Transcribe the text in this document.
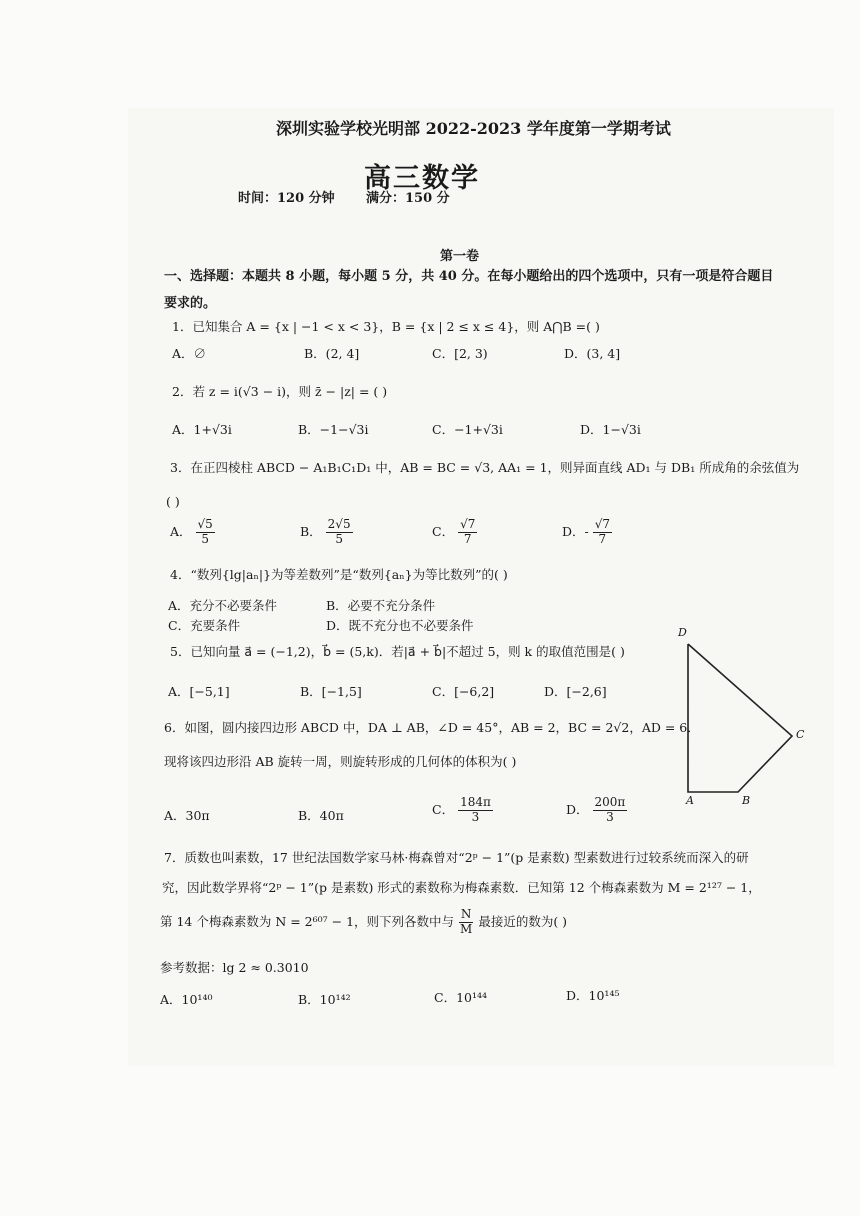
深圳实验学校光明部 2022-2023 学年度第一学期考试
高三数学
时间：120 分钟 满分：150 分
第一卷
一、选择题：本题共 8 小题，每小题 5 分，共 40 分。在每小题给出的四个选项中，只有一项是符合题目
要求的。
1．已知集合 A = {x | −1 < x < 3}，B = {x | 2 ≤ x ≤ 4}，则 A⋂B =( )
A．∅	B．(2, 4]	C．[2, 3)	D．(3, 4]
2．若 z = i(√3 − i)，则 z̄ − |z| = ( )
A．1+√3i	B．−1−√3i	C．−1+√3i	D．1−√3i
3．在正四棱柱 ABCD − A₁B₁C₁D₁ 中，AB = BC = √3, AA₁ = 1，则异面直线 AD₁ 与 DB₁ 所成角的余弦值为
( )
A． $\frac{√5}{5}$	B． $\frac{2√5}{5}$	C． $\frac{√7}{7}$	D．- $\frac{√7}{7}$
4．“数列{lg|aₙ|}为等差数列”是“数列{aₙ}为等比数列”的( )
A．充分不必要条件	B．必要不充分条件
C．充要条件	D．既不充分也不必要条件
5．已知向量 a⃗ = (−1,2)，b⃗ = (5,k)．若|a⃗ + b⃗|不超过 5，则 k 的取值范围是( )
A．[−5,1]	B．[−1,5]	C．[−6,2]	D．[−2,6]
6．如图，圆内接四边形 ABCD 中，DA ⊥ AB，∠D = 45°，AB = 2，BC = 2√2，AD = 6．
现将该四边形沿 AB 旋转一周，则旋转形成的几何体的体积为( )
A．30π	B．40π	C． $\frac{184\pi}{3}$	D． $\frac{200\pi}{3}$
D
C
A	B
7．质数也叫素数，17 世纪法国数学家马林·梅森曾对“2ᵖ − 1”(p 是素数) 型素数进行过较系统而深入的研
究，因此数学界将“2ᵖ − 1”(p 是素数) 形式的素数称为梅森素数．已知第 12 个梅森素数为 M = 2¹²⁷ − 1，
第 14 个梅森素数为 N = 2⁶⁰⁷ − 1，则下列各数中与 $\frac{N}{M}$ 最接近的数为( )
参考数据：lg 2 ≈ 0.3010
A．10¹⁴⁰	B．10¹⁴²	C．10¹⁴⁴	D．10¹⁴⁵
